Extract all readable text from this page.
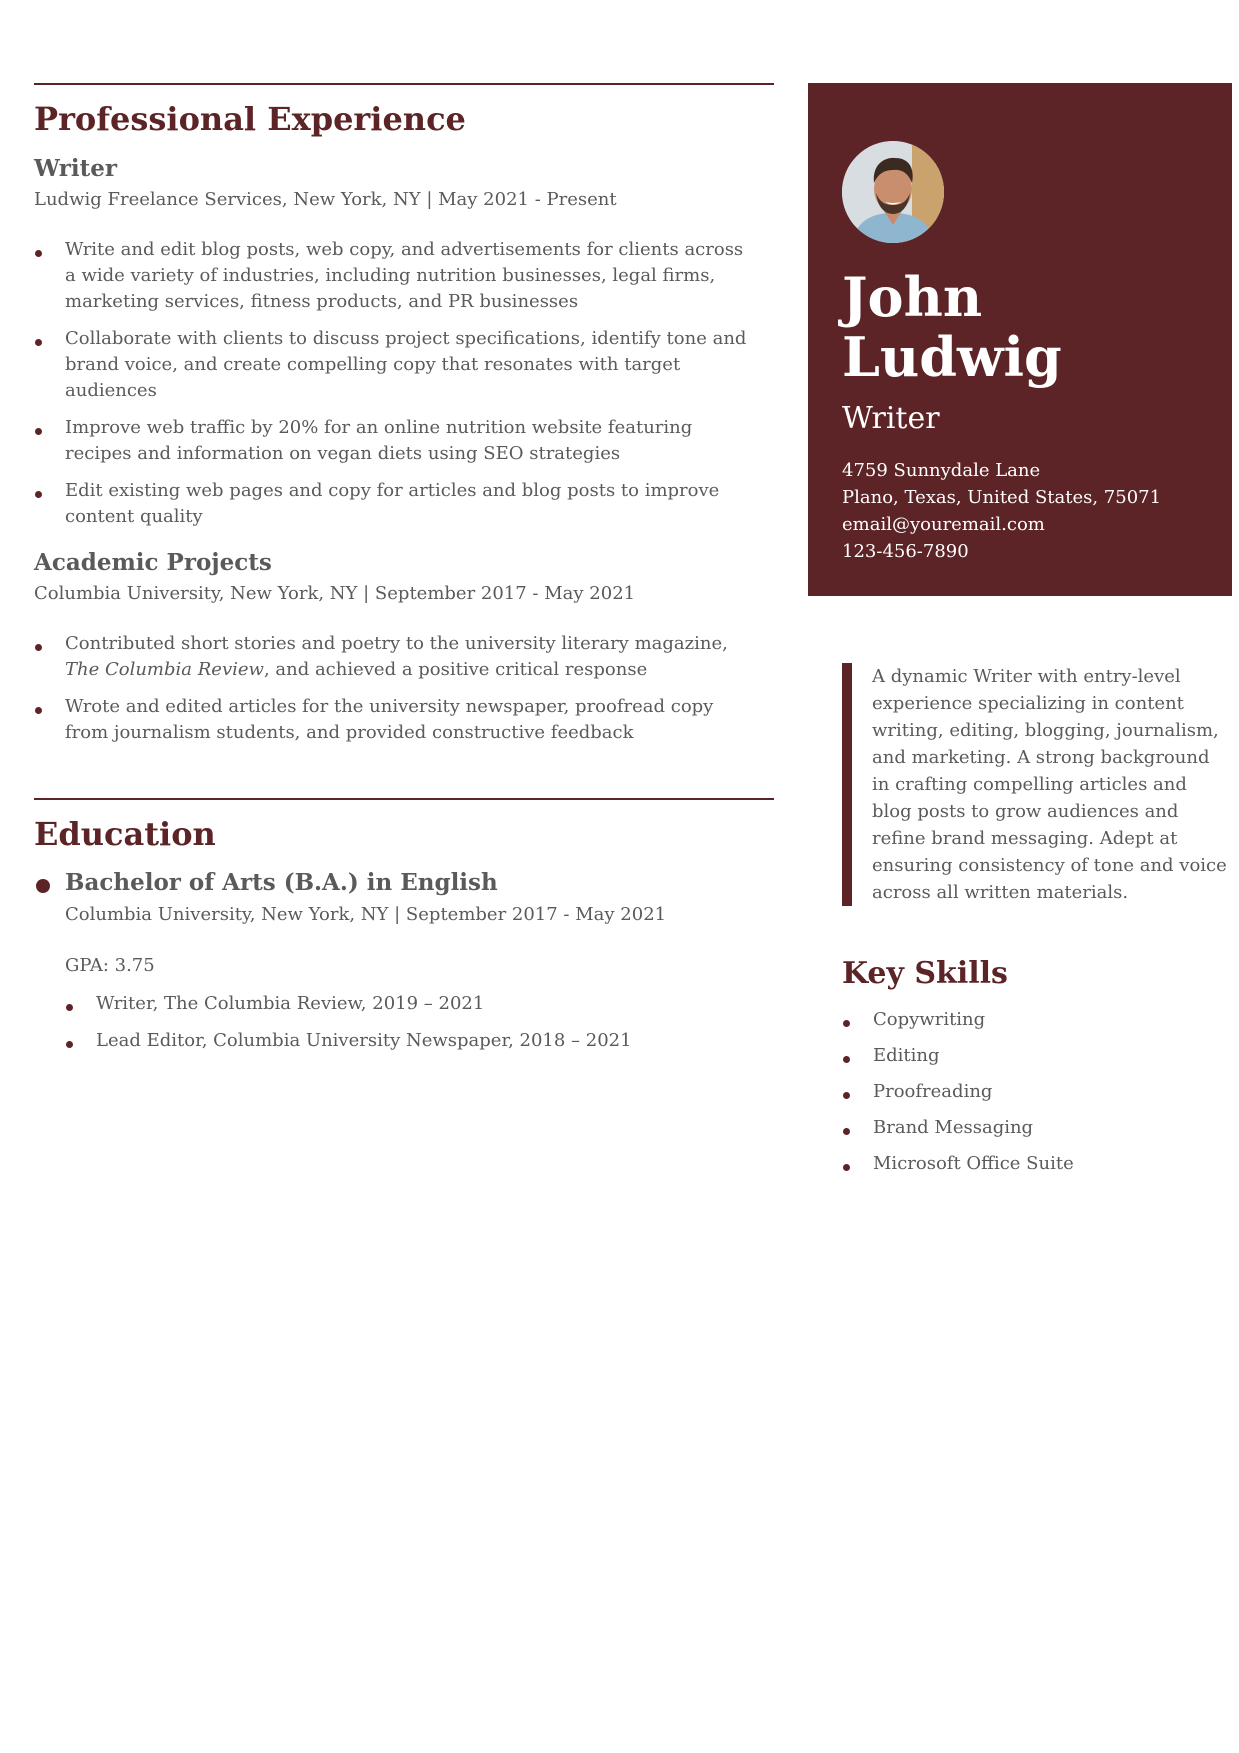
Professional Experience
Writer
Ludwig Freelance Services, New York, NY | May 2021 - Present
Write and edit blog posts, web copy, and advertisements for clients across a wide variety of industries, including nutrition businesses, legal firms, marketing services, fitness products, and PR businesses
Collaborate with clients to discuss project specifications, identify tone and brand voice, and create compelling copy that resonates with target audiences
Improve web traffic by 20% for an online nutrition website featuring recipes and information on vegan diets using SEO strategies
Edit existing web pages and copy for articles and blog posts to improve content quality
Academic Projects
Columbia University, New York, NY | September 2017 - May 2021
Contributed short stories and poetry to the university literary magazine, The Columbia Review, and achieved a positive critical response
Wrote and edited articles for the university newspaper, proofread copy from journalism students, and provided constructive feedback
Education
Bachelor of Arts (B.A.) in English
Columbia University, New York, NY | September 2017 - May 2021
GPA: 3.75
Writer, The Columbia Review, 2019 – 2021
Lead Editor, Columbia University Newspaper, 2018 – 2021
John
Ludwig
Writer
4759 Sunnydale Lane
Plano, Texas, United States, 75071
email@youremail.com
123-456-7890
A dynamic Writer with entry-level experience specializing in content writing, editing, blogging, journalism, and marketing. A strong background in crafting compelling articles and blog posts to grow audiences and refine brand messaging. Adept at ensuring consistency of tone and voice across all written materials.
Key Skills
Copywriting
Editing
Proofreading
Brand Messaging
Microsoft Office Suite
